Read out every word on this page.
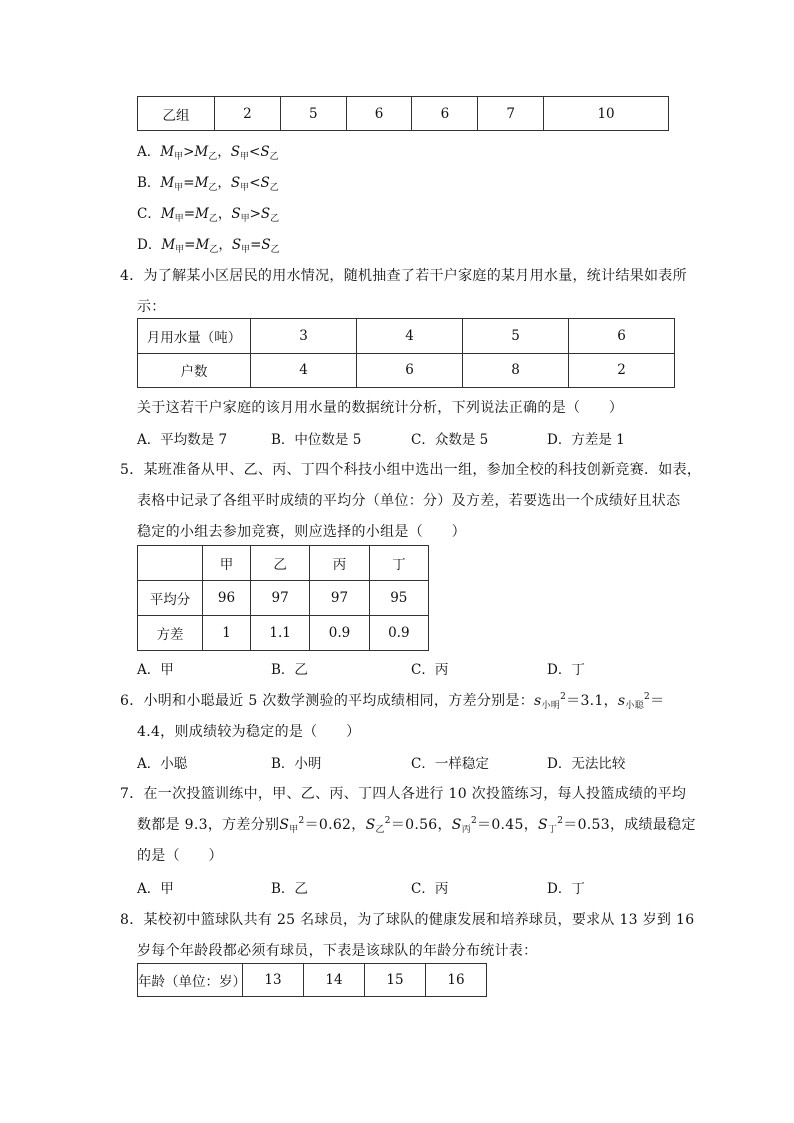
乙组	2	5	6	6	7	10
A．$M_甲>M_乙$，$S_甲<S_乙$
B．$M_甲=M_乙$，$S_甲<S_乙$
C．$M_甲=M_乙$，$S_甲>S_乙$
D．$M_甲=M_乙$，$S_甲=S_乙$
4．为了解某小区居民的用水情况，随机抽查了若干户家庭的某月用水量，统计结果如表所
示：
月用水量（吨）	3	4	5	6
户数	4	6	8	2
关于这若干户家庭的该月用水量的数据统计分析，下列说法正确的是（　　）
A．平均数是 7	B．中位数是 5	C．众数是 5	D．方差是 1
5．某班准备从甲、乙、丙、丁四个科技小组中选出一组，参加全校的科技创新竞赛．如表，
表格中记录了各组平时成绩的平均分（单位：分）及方差，若要选出一个成绩好且状态
稳定的小组去参加竞赛，则应选择的小组是（　　）
	甲	乙	丙	丁
平均分	96	97	97	95
方差	1	1.1	0.9	0.9
A．甲	B．乙	C．丙	D．丁
6．小明和小聪最近 5 次数学测验的平均成绩相同，方差分别是：$s_{小明}^2=3.1$，$s_{小聪}^2=$
4.4，则成绩较为稳定的是（　　）
A．小聪	B．小明	C．一样稳定	D．无法比较
7．在一次投篮训练中，甲、乙、丙、丁四人各进行 10 次投篮练习，每人投篮成绩的平均
数都是 9.3，方差分别$S_甲^2=0.62$，$S_乙^2=0.56$，$S_丙^2=0.45$，$S_丁^2=0.53$，成绩最稳定
的是（　　）
A．甲	B．乙	C．丙	D．丁
8．某校初中篮球队共有 25 名球员，为了球队的健康发展和培养球员，要求从 13 岁到 16
岁每个年龄段都必须有球员，下表是该球队的年龄分布统计表：
年龄（单位：岁）	13	14	15	16
